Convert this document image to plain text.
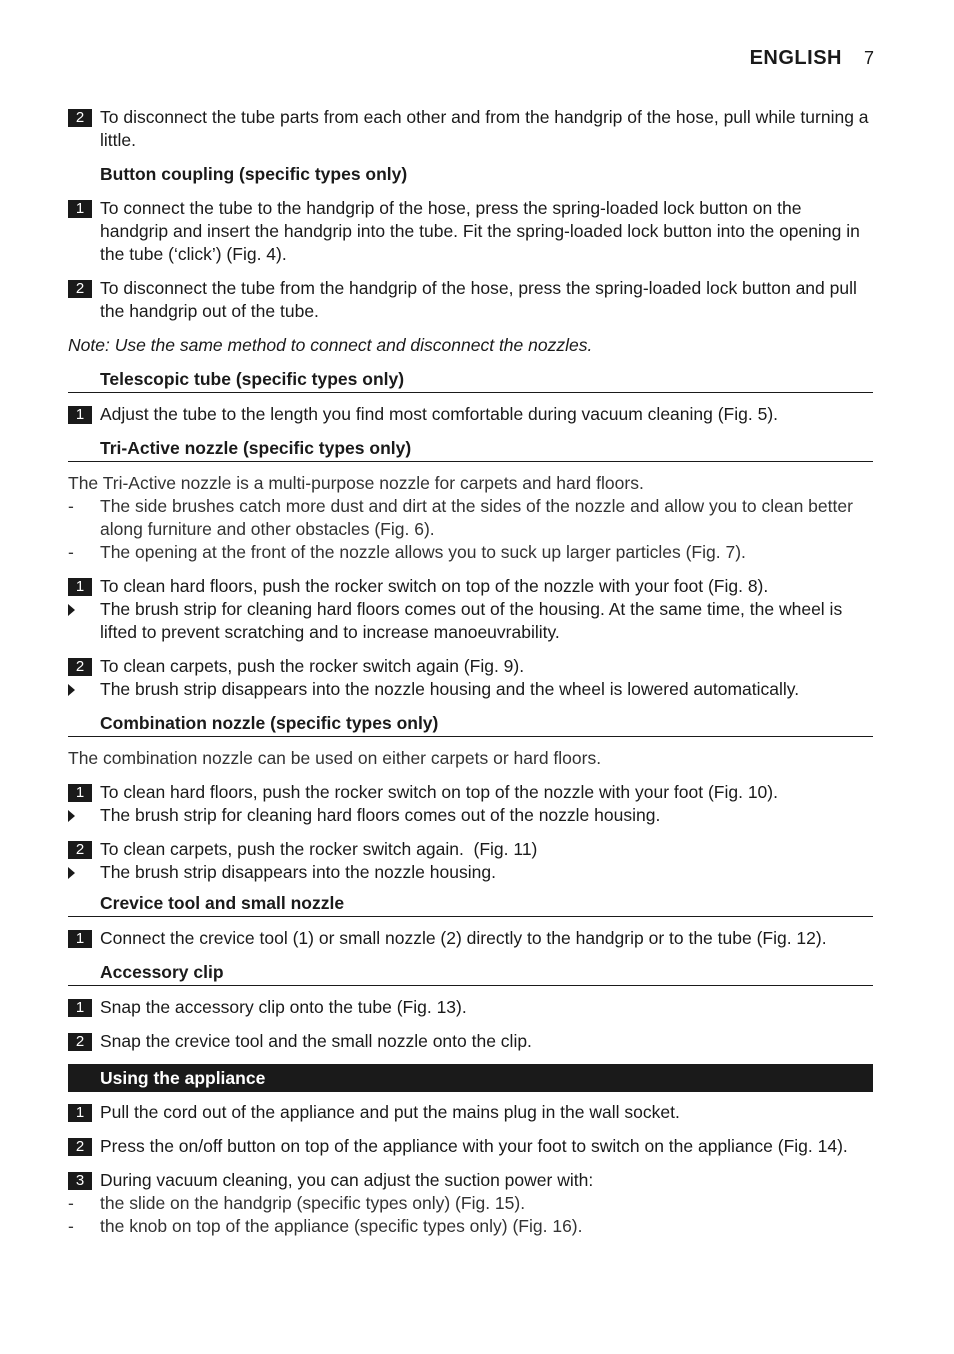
ENGLISH 7
2 To disconnect the tube parts from each other and from the handgrip of the hose, pull while turning a little.
Button coupling (specific types only)
1 To connect the tube to the handgrip of the hose, press the spring-loaded lock button on the handgrip and insert the handgrip into the tube. Fit the spring-loaded lock button into the opening in the tube (‘click’) (Fig. 4).
2 To disconnect the tube from the handgrip of the hose, press the spring-loaded lock button and pull the handgrip out of the tube.
Note: Use the same method to connect and disconnect the nozzles.
Telescopic tube (specific types only)
1 Adjust the tube to the length you find most comfortable during vacuum cleaning (Fig. 5).
Tri-Active nozzle (specific types only)
The Tri-Active nozzle is a multi-purpose nozzle for carpets and hard floors.
- The side brushes catch more dust and dirt at the sides of the nozzle and allow you to clean better along furniture and other obstacles (Fig. 6).
- The opening at the front of the nozzle allows you to suck up larger particles (Fig. 7).
1 To clean hard floors, push the rocker switch on top of the nozzle with your foot (Fig. 8).
The brush strip for cleaning hard floors comes out of the housing. At the same time, the wheel is lifted to prevent scratching and to increase manoeuvrability.
2 To clean carpets, push the rocker switch again (Fig. 9).
The brush strip disappears into the nozzle housing and the wheel is lowered automatically.
Combination nozzle (specific types only)
The combination nozzle can be used on either carpets or hard floors.
1 To clean hard floors, push the rocker switch on top of the nozzle with your foot (Fig. 10).
The brush strip for cleaning hard floors comes out of the nozzle housing.
2 To clean carpets, push the rocker switch again.  (Fig. 11)
The brush strip disappears into the nozzle housing.
Crevice tool and small nozzle
1 Connect the crevice tool (1) or small nozzle (2) directly to the handgrip or to the tube (Fig. 12).
Accessory clip
1 Snap the accessory clip onto the tube (Fig. 13).
2 Snap the crevice tool and the small nozzle onto the clip.
Using the appliance
1 Pull the cord out of the appliance and put the mains plug in the wall socket.
2 Press the on/off button on top of the appliance with your foot to switch on the appliance (Fig. 14).
3 During vacuum cleaning, you can adjust the suction power with:
- the slide on the handgrip (specific types only) (Fig. 15).
- the knob on top of the appliance (specific types only) (Fig. 16).
